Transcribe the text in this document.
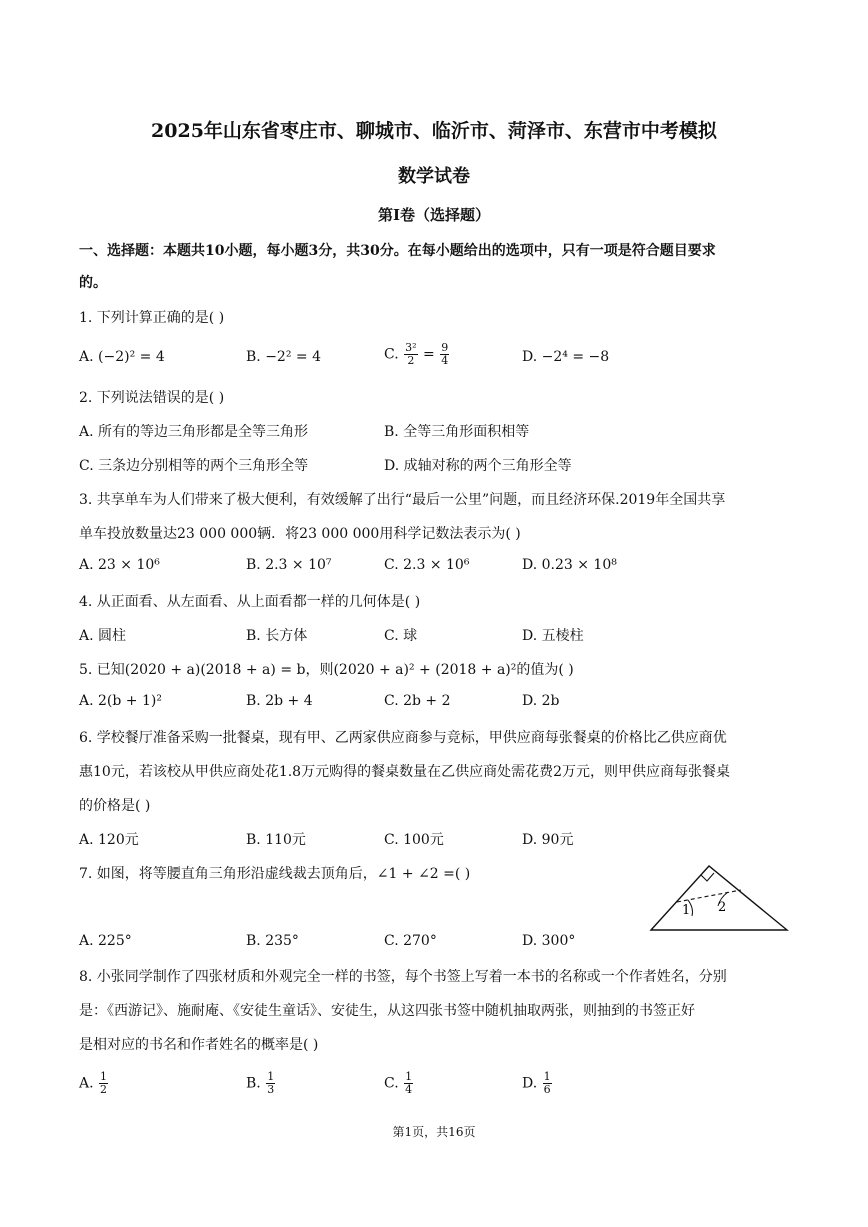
2025年山东省枣庄市、聊城市、临沂市、菏泽市、东营市中考模拟
数学试卷
第I卷（选择题）
一、选择题：本题共10小题，每小题3分，共30分。在每小题给出的选项中，只有一项是符合题目要求
的。
1. 下列计算正确的是( )
A. (−2)² = 4	B. −2² = 4	C. $\frac{\text{3²}}{2} = \frac{9}{4}$	D. −2⁴ = −8
2. 下列说法错误的是( )
A. 所有的等边三角形都是全等三角形	B. 全等三角形面积相等
C. 三条边分别相等的两个三角形全等	D. 成轴对称的两个三角形全等
3. 共享单车为人们带来了极大便利，有效缓解了出行“最后一公里”问题，而且经济环保.2019年全国共享
单车投放数量达23 000 000辆．将23 000 000用科学记数法表示为( )
A. 23 × 10⁶	B. 2.3 × 10⁷	C. 2.3 × 10⁶	D. 0.23 × 10⁸
4. 从正面看、从左面看、从上面看都一样的几何体是( )
A. 圆柱	B. 长方体	C. 球	D. 五棱柱
5. 已知(2020 + a)(2018 + a) = b，则(2020 + a)² + (2018 + a)²的值为( )
A. 2(b + 1)²	B. 2b + 4	C. 2b + 2	D. 2b
6. 学校餐厅准备采购一批餐桌，现有甲、乙两家供应商参与竞标，甲供应商每张餐桌的价格比乙供应商优
惠10元，若该校从甲供应商处花1.8万元购得的餐桌数量在乙供应商处需花费2万元，则甲供应商每张餐桌
的价格是( )
A. 120元	B. 110元	C. 100元	D. 90元
7. 如图，将等腰直角三角形沿虚线裁去顶角后，∠1 + ∠2 =( )
1 2
A. 225°	B. 235°	C. 270°	D. 300°
8. 小张同学制作了四张材质和外观完全一样的书签，每个书签上写着一本书的名称或一个作者姓名，分别
是：《西游记》、施耐庵、《安徒生童话》、安徒生，从这四张书签中随机抽取两张，则抽到的书签正好
是相对应的书名和作者姓名的概率是( )
A. $\frac{1}{2}$	B. $\frac{1}{3}$	C. $\frac{1}{4}$	D. $\frac{1}{6}$
第1页，共16页
